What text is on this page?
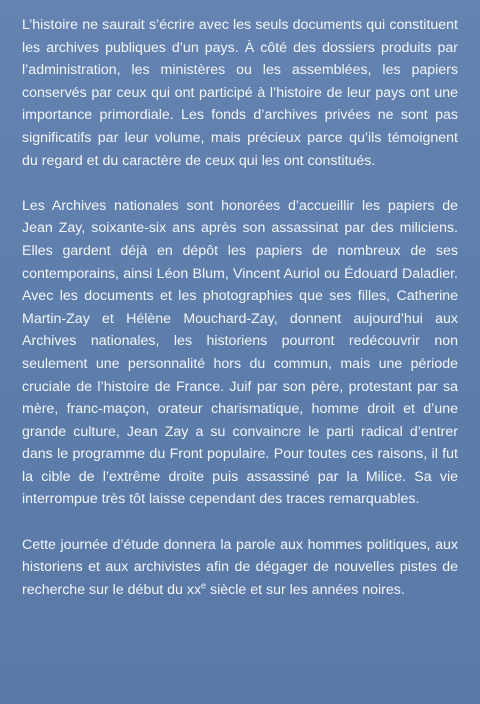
L’histoire ne saurait s’écrire avec les seuls documents qui constituent les archives publiques d’un pays. À côté des dossiers produits par l’administration, les ministères ou les assemblées, les papiers conservés par ceux qui ont participé à l’histoire de leur pays ont une importance primordiale. Les fonds d’archives privées ne sont pas significatifs par leur volume, mais précieux parce qu’ils témoignent du regard et du caractère de ceux qui les ont constitués.

Les Archives nationales sont honorées d’accueillir les papiers de Jean Zay, soixante-six ans après son assassinat par des miliciens. Elles gardent déjà en dépôt les papiers de nombreux de ses contemporains, ainsi Léon Blum, Vincent Auriol ou Édouard Daladier. Avec les documents et les photographies que ses filles, Catherine Martin-Zay et Hélène Mouchard-Zay, donnent aujourd’hui aux Archives nationales, les historiens pourront redécouvrir non seulement une personnalité hors du commun, mais une période cruciale de l’histoire de France. Juif par son père, protestant par sa mère, franc-maçon, orateur charismatique, homme droit et d’une grande culture, Jean Zay a su convaincre le parti radical d’entrer dans le programme du Front populaire. Pour toutes ces raisons, il fut la cible de l’extrême droite puis assassiné par la Milice. Sa vie interrompue très tôt laisse cependant des traces remarquables.

Cette journée d’étude donnera la parole aux hommes politiques, aux historiens et aux archivistes afin de dégager de nouvelles pistes de recherche sur le début du $xx^e$ siècle et sur les années noires.
